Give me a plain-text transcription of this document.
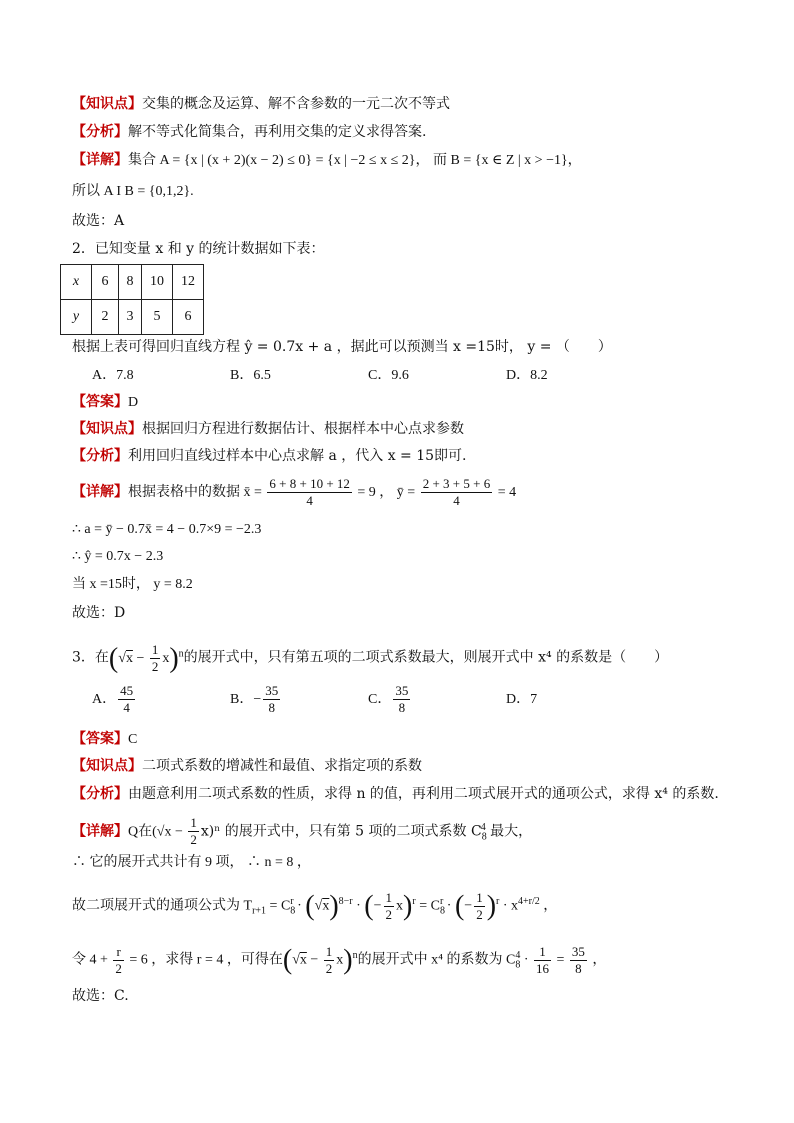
【知识点】交集的概念及运算、解不含参数的一元二次不等式
【分析】解不等式化简集合，再利用交集的定义求得答案.
【详解】集合 A = {x | (x + 2)(x − 2) ≤ 0} = {x | −2 ≤ x ≤ 2}， 而 B = {x ∈ Z | x > −1}，
所以 A I B = {0,1,2}.
故选：A
2．已知变量 x 和 y 的统计数据如下表：
x	6	8	10	12
y	2	3	5	6
根据上表可得回归直线方程 ŷ = 0.7x + a ，据此可以预测当 x =15时， y = （　　）
A．7.8	B．6.5	C．9.6	D．8.2
【答案】D
【知识点】根据回归方程进行数据估计、根据样本中心点求参数
【分析】利用回归直线过样本中心点求解 a ，代入 x = 15即可.
【详解】根据表格中的数据 x̄ = $\frac{6 + 8 + 10 + 12}{4} = 9$ ， ȳ = $\frac{2 + 3 + 5 + 6}{4} = 4$
∴ a = ȳ − 0.7x̄ = 4 − 0.7×9 = −2.3
∴ ŷ = 0.7x − 2.3
当 x =15时， y = 8.2
故选：D
3．在$(√x - \frac{1}{2} x)^n$的展开式中，只有第五项的二项式系数最大，则展开式中 x⁴ 的系数是（　　）
A． $\frac{45}{4}$	B．− $\frac{35}{8}$	C． $\frac{35}{8}$	D．7
【答案】C
【知识点】二项式系数的增减性和最值、求指定项的系数
【分析】由题意利用二项式系数的性质，求得 n 的值，再利用二项式展开式的通项公式，求得 x⁴ 的系数.
【详解】Q在$(√x - \frac{1}{2} x)^n$ 的展开式中，只有第 5 项的二项式系数 $C_8^4$ 最大，
∴ 它的展开式共计有 9 项， ∴ n = 8 ，
故二项展开式的通项公式为 $T_{r+1} = C_8^r \cdot (√x)^{8-r}$ · (− $\frac{1}{2} x)^r = C_8^r$ · (− $\frac{1}{2} )^r \cdot x^{4+r/2}$ ，
令 $4 + \frac{r}{2} = 6$ ，求得 r = 4 ，可得在$(√x - \frac{1}{2} x)^n$的展开式中 x⁴ 的系数为 $C_8^4 \cdot \frac{1}{16} = \frac{35}{8}$ ，
故选：C.
